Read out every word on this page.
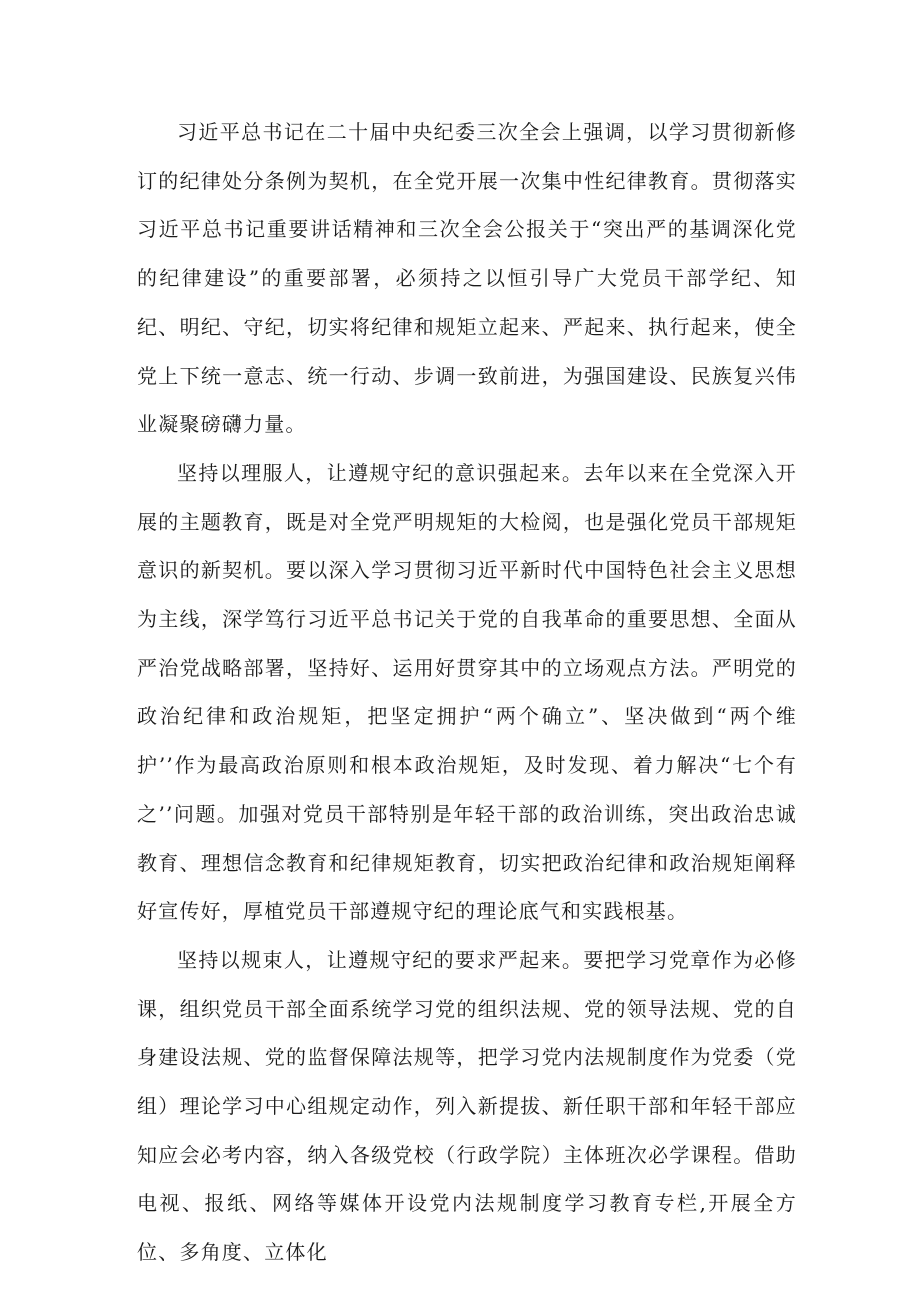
习近平总书记在二十届中央纪委三次全会上强调，以学习贯彻新修订的纪律处分条例为契机，在全党开展一次集中性纪律教育。贯彻落实习近平总书记重要讲话精神和三次全会公报关于“突出严的基调深化党的纪律建设”的重要部署，必须持之以恒引导广大党员干部学纪、知纪、明纪、守纪，切实将纪律和规矩立起来、严起来、执行起来，使全党上下统一意志、统一行动、步调一致前进，为强国建设、民族复兴伟业凝聚磅礴力量。

坚持以理服人，让遵规守纪的意识强起来。去年以来在全党深入开展的主题教育，既是对全党严明规矩的大检阅，也是强化党员干部规矩意识的新契机。要以深入学习贯彻习近平新时代中国特色社会主义思想为主线，深学笃行习近平总书记关于党的自我革命的重要思想、全面从严治党战略部署，坚持好、运用好贯穿其中的立场观点方法。严明党的政治纪律和政治规矩，把坚定拥护“两个确立”、坚决做到“两个维护’’作为最高政治原则和根本政治规矩，及时发现、着力解决“七个有之’’问题。加强对党员干部特别是年轻干部的政治训练，突出政治忠诚教育、理想信念教育和纪律规矩教育，切实把政治纪律和政治规矩阐释好宣传好，厚植党员干部遵规守纪的理论底气和实践根基。

坚持以规束人，让遵规守纪的要求严起来。要把学习党章作为必修课，组织党员干部全面系统学习党的组织法规、党的领导法规、党的自身建设法规、党的监督保障法规等，把学习党内法规制度作为党委（党组）理论学习中心组规定动作，列入新提拔、新任职干部和年轻干部应知应会必考内容，纳入各级党校（行政学院）主体班次必学课程。借助电视、报纸、网络等媒体开设党内法规制度学习教育专栏,开展全方位、多角度、立体化
